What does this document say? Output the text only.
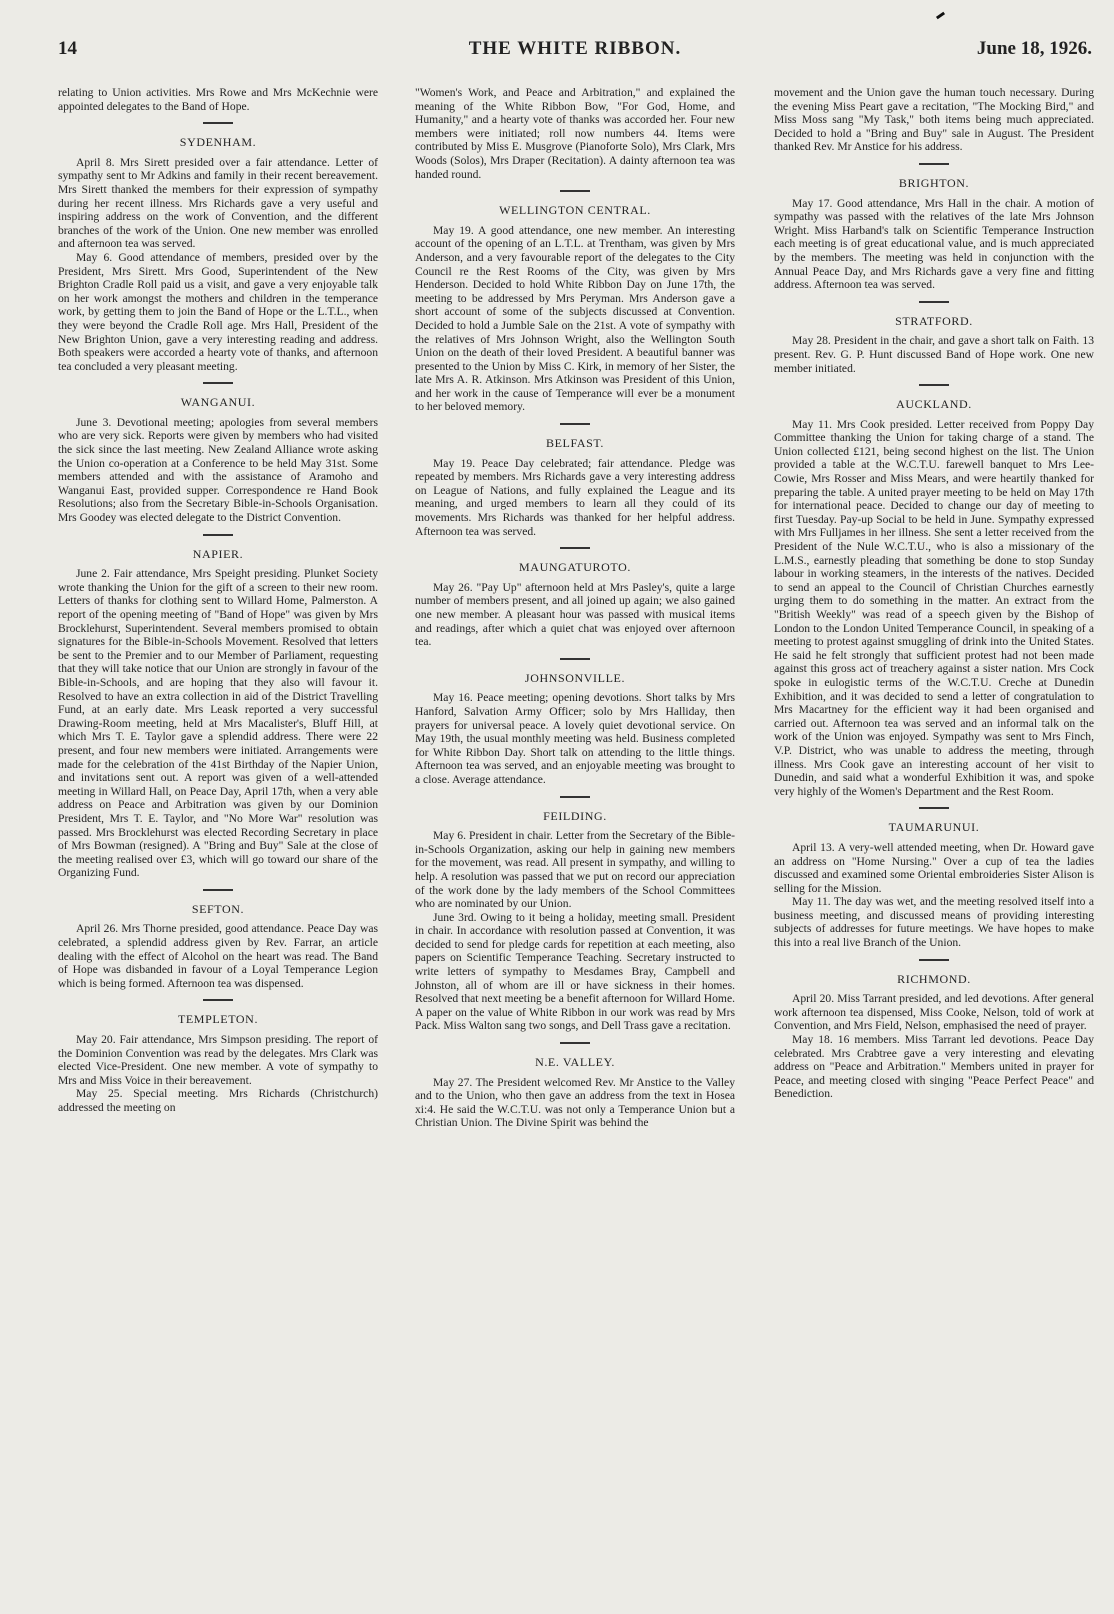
14	THE WHITE RIBBON.	June 18, 1926.

relating to Union activities. Mrs Rowe and Mrs McKechnie were appointed delegates to the Band of Hope.

SYDENHAM.

April 8. Mrs Sirett presided over a fair attendance. Letter of sympathy sent to Mr Adkins and family in their recent bereavement. Mrs Sirett thanked the members for their expression of sympathy during her recent illness. Mrs Richards gave a very useful and inspiring address on the work of Convention, and the different branches of the work of the Union. One new member was enrolled and afternoon tea was served.

May 6. Good attendance of members, presided over by the President, Mrs Sirett. Mrs Good, Superintendent of the New Brighton Cradle Roll paid us a visit, and gave a very enjoyable talk on her work amongst the mothers and children in the temperance work, by getting them to join the Band of Hope or the L.T.L., when they were beyond the Cradle Roll age. Mrs Hall, President of the New Brighton Union, gave a very interesting reading and address. Both speakers were accorded a hearty vote of thanks, and afternoon tea concluded a very pleasant meeting.

WANGANUI.

June 3. Devotional meeting; apologies from several members who are very sick. Reports were given by members who had visited the sick since the last meeting. New Zealand Alliance wrote asking the Union co-operation at a Conference to be held May 31st. Some members attended and with the assistance of Aramoho and Wanganui East, provided supper. Correspondence re Hand Book Resolutions; also from the Secretary Bible-in-Schools Organisation. Mrs Goodey was elected delegate to the District Convention.

NAPIER.

June 2. Fair attendance, Mrs Speight presiding. Plunket Society wrote thanking the Union for the gift of a screen to their new room. Letters of thanks for clothing sent to Willard Home, Palmerston. A report of the opening meeting of "Band of Hope" was given by Mrs Brocklehurst, Superintendent. Several members promised to obtain signatures for the Bible-in-Schools Movement. Resolved that letters be sent to the Premier and to our Member of Parliament, requesting that they will take notice that our Union are strongly in favour of the Bible-in-Schools, and are hoping that they also will favour it. Resolved to have an extra collection in aid of the District Travelling Fund, at an early date. Mrs Leask reported a very successful Drawing-Room meeting, held at Mrs Macalister's, Bluff Hill, at which Mrs T. E. Taylor gave a splendid address. There were 22 present, and four new members were initiated. Arrangements were made for the celebration of the 41st Birthday of the Napier Union, and invitations sent out. A report was given of a well-attended meeting in Willard Hall, on Peace Day, April 17th, when a very able address on Peace and Arbitration was given by our Dominion President, Mrs T. E. Taylor, and "No More War" resolution was passed. Mrs Brocklehurst was elected Recording Secretary in place of Mrs Bowman (resigned). A "Bring and Buy" Sale at the close of the meeting realised over £3, which will go toward our share of the Organizing Fund.

SEFTON.

April 26. Mrs Thorne presided, good attendance. Peace Day was celebrated, a splendid address given by Rev. Farrar, an article dealing with the effect of Alcohol on the heart was read. The Band of Hope was disbanded in favour of a Loyal Temperance Legion which is being formed. Afternoon tea was dispensed.

TEMPLETON.

May 20. Fair attendance, Mrs Simpson presiding. The report of the Dominion Convention was read by the delegates. Mrs Clark was elected Vice-President. One new member. A vote of sympathy to Mrs and Miss Voice in their bereavement.

May 25. Special meeting. Mrs Richards (Christchurch) addressed the meeting on

"Women's Work, and Peace and Arbitration," and explained the meaning of the White Ribbon Bow, "For God, Home, and Humanity," and a hearty vote of thanks was accorded her. Four new members were initiated; roll now numbers 44. Items were contributed by Miss E. Musgrove (Pianoforte Solo), Mrs Clark, Mrs Woods (Solos), Mrs Draper (Recitation). A dainty afternoon tea was handed round.

WELLINGTON CENTRAL.

May 19. A good attendance, one new member. An interesting account of the opening of an L.T.L. at Trentham, was given by Mrs Anderson, and a very favourable report of the delegates to the City Council re the Rest Rooms of the City, was given by Mrs Henderson. Decided to hold White Ribbon Day on June 17th, the meeting to be addressed by Mrs Peryman. Mrs Anderson gave a short account of some of the subjects discussed at Convention. Decided to hold a Jumble Sale on the 21st. A vote of sympathy with the relatives of Mrs Johnson Wright, also the Wellington South Union on the death of their loved President. A beautiful banner was presented to the Union by Miss C. Kirk, in memory of her Sister, the late Mrs A. R. Atkinson. Mrs Atkinson was President of this Union, and her work in the cause of Temperance will ever be a monument to her beloved memory.

BELFAST.

May 19. Peace Day celebrated; fair attendance. Pledge was repeated by members. Mrs Richards gave a very interesting address on League of Nations, and fully explained the League and its meaning, and urged members to learn all they could of its movements. Mrs Richards was thanked for her helpful address. Afternoon tea was served.

MAUNGATUROTO.

May 26. "Pay Up" afternoon held at Mrs Pasley's, quite a large number of members present, and all joined up again; we also gained one new member. A pleasant hour was passed with musical items and readings, after which a quiet chat was enjoyed over afternoon tea.

JOHNSONVILLE.

May 16. Peace meeting; opening devotions. Short talks by Mrs Hanford, Salvation Army Officer; solo by Mrs Halliday, then prayers for universal peace. A lovely quiet devotional service. On May 19th, the usual monthly meeting was held. Business completed for White Ribbon Day. Short talk on attending to the little things. Afternoon tea was served, and an enjoyable meeting was brought to a close. Average attendance.

FEILDING.

May 6. President in chair. Letter from the Secretary of the Bible-in-Schools Organization, asking our help in gaining new members for the movement, was read. All present in sympathy, and willing to help. A resolution was passed that we put on record our appreciation of the work done by the lady members of the School Committees who are nominated by our Union.

June 3rd. Owing to it being a holiday, meeting small. President in chair. In accordance with resolution passed at Convention, it was decided to send for pledge cards for repetition at each meeting, also papers on Scientific Temperance Teaching. Secretary instructed to write letters of sympathy to Mesdames Bray, Campbell and Johnston, all of whom are ill or have sickness in their homes. Resolved that next meeting be a benefit afternoon for Willard Home. A paper on the value of White Ribbon in our work was read by Mrs Pack. Miss Walton sang two songs, and Dell Trass gave a recitation.

N.E. VALLEY.

May 27. The President welcomed Rev. Mr Anstice to the Valley and to the Union, who then gave an address from the text in Hosea xi:4. He said the W.C.T.U. was not only a Temperance Union but a Christian Union. The Divine Spirit was behind the

movement and the Union gave the human touch necessary. During the evening Miss Peart gave a recitation, "The Mocking Bird," and Miss Moss sang "My Task," both items being much appreciated. Decided to hold a "Bring and Buy" sale in August. The President thanked Rev. Mr Anstice for his address.

BRIGHTON.

May 17. Good attendance, Mrs Hall in the chair. A motion of sympathy was passed with the relatives of the late Mrs Johnson Wright. Miss Harband's talk on Scientific Temperance Instruction each meeting is of great educational value, and is much appreciated by the members. The meeting was held in conjunction with the Annual Peace Day, and Mrs Richards gave a very fine and fitting address. Afternoon tea was served.

STRATFORD.

May 28. President in the chair, and gave a short talk on Faith. 13 present. Rev. G. P. Hunt discussed Band of Hope work. One new member initiated.

AUCKLAND.

May 11. Mrs Cook presided. Letter received from Poppy Day Committee thanking the Union for taking charge of a stand. The Union collected £121, being second highest on the list. The Union provided a table at the W.C.T.U. farewell banquet to Mrs Lee-Cowie, Mrs Rosser and Miss Mears, and were heartily thanked for preparing the table. A united prayer meeting to be held on May 17th for international peace. Decided to change our day of meeting to first Tuesday. Pay-up Social to be held in June. Sympathy expressed with Mrs Fulljames in her illness. She sent a letter received from the President of the Nule W.C.T.U., who is also a missionary of the L.M.S., earnestly pleading that something be done to stop Sunday labour in working steamers, in the interests of the natives. Decided to send an appeal to the Council of Christian Churches earnestly urging them to do something in the matter. An extract from the "British Weekly" was read of a speech given by the Bishop of London to the London United Temperance Council, in speaking of a meeting to protest against smuggling of drink into the United States. He said he felt strongly that sufficient protest had not been made against this gross act of treachery against a sister nation. Mrs Cock spoke in eulogistic terms of the W.C.T.U. Creche at Dunedin Exhibition, and it was decided to send a letter of congratulation to Mrs Macartney for the efficient way it had been organised and carried out. Afternoon tea was served and an informal talk on the work of the Union was enjoyed. Sympathy was sent to Mrs Finch, V.P. District, who was unable to address the meeting, through illness. Mrs Cook gave an interesting account of her visit to Dunedin, and said what a wonderful Exhibition it was, and spoke very highly of the Women's Department and the Rest Room.

TAUMARUNUI.

April 13. A very-well attended meeting, when Dr. Howard gave an address on "Home Nursing." Over a cup of tea the ladies discussed and examined some Oriental embroideries Sister Alison is selling for the Mission.

May 11. The day was wet, and the meeting resolved itself into a business meeting, and discussed means of providing interesting subjects of addresses for future meetings. We have hopes to make this into a real live Branch of the Union.

RICHMOND.

April 20. Miss Tarrant presided, and led devotions. After general work afternoon tea dispensed, Miss Cooke, Nelson, told of work at Convention, and Mrs Field, Nelson, emphasised the need of prayer.

May 18. 16 members. Miss Tarrant led devotions. Peace Day celebrated. Mrs Crabtree gave a very interesting and elevating address on "Peace and Arbitration." Members united in prayer for Peace, and meeting closed with singing "Peace Perfect Peace" and Benediction.
